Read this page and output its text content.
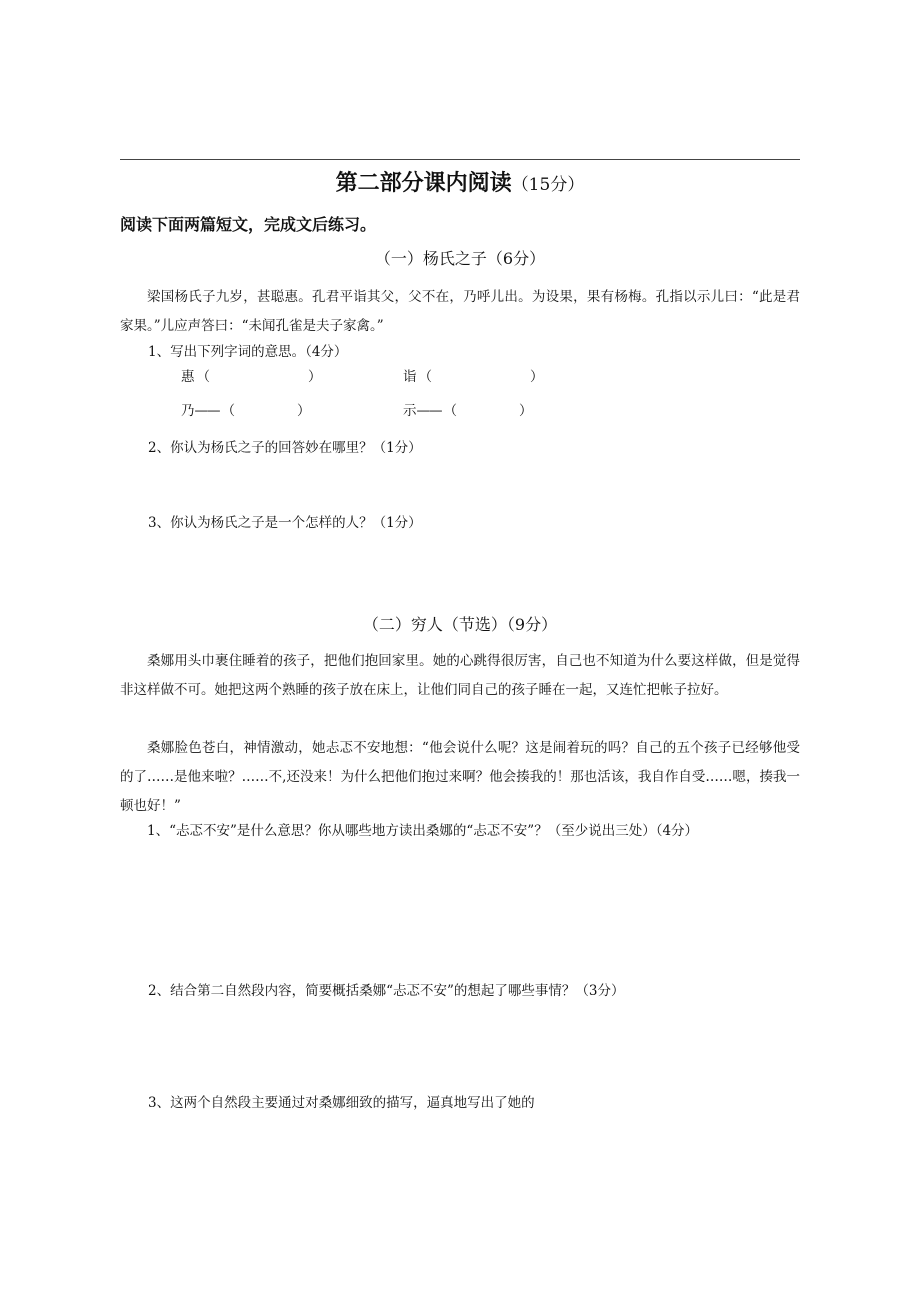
第二部分课内阅读（15分）
阅读下面两篇短文，完成文后练习。
（一）杨氏之子（6分）

梁国杨氏子九岁，甚聪惠。孔君平诣其父，父不在，乃呼儿出。为设果，果有杨梅。孔指以示儿曰：“此是君家果。”儿应声答曰：“未闻孔雀是夫子家禽。”

1、写出下列字词的意思。（4分）
惠 （	）	诣 （	）
乃 —— （	）	示 —— （	）
2、你认为杨氏之子的回答妙在哪里？（1分）
3、你认为杨氏之子是一个怎样的人？（1分）
（二）穷人（节选）（9分）

桑娜用头巾裹住睡着的孩子，把他们抱回家里。她的心跳得很厉害，自己也不知道为什么要这样做，但是觉得非这样做不可。她把这两个熟睡的孩子放在床上，让他们同自己的孩子睡在一起，又连忙把帐子拉好。

桑娜脸色苍白，神情激动，她忐忑不安地想：“他会说什么呢？这是闹着玩的吗？自己的五个孩子已经够他受的了……是他来啦？……不,还没来！为什么把他们抱过来啊？他会揍我的！那也活该，我自作自受……嗯，揍我一顿也好！”

1、“忐忑不安”是什么意思？你从哪些地方读出桑娜的“忐忑不安”？（至少说出三处）（4分）
2、结合第二自然段内容，简要概括桑娜“忐忑不安”的想起了哪些事情？（3分）
3、这两个自然段主要通过对桑娜细致的描写，逼真地写出了她的
